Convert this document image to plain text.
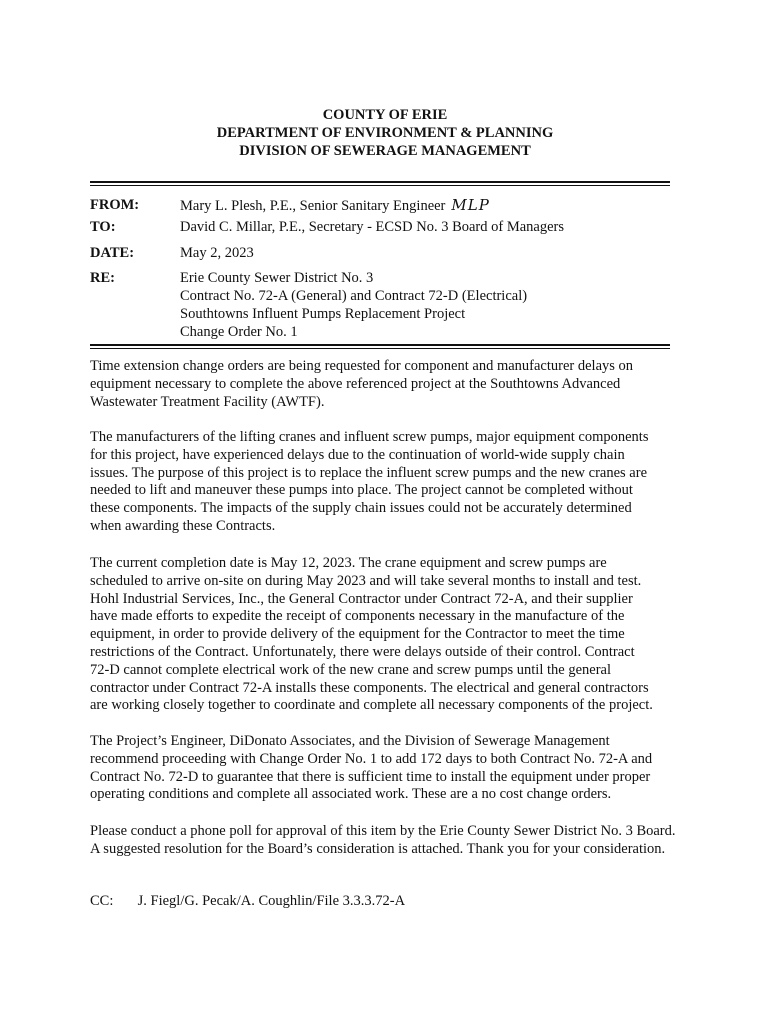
COUNTY OF ERIE
DEPARTMENT OF ENVIRONMENT & PLANNING
DIVISION OF SEWERAGE MANAGEMENT
FROM:	Mary L. Plesh, P.E., Senior Sanitary Engineer MLP
TO:	David C. Millar, P.E., Secretary - ECSD No. 3 Board of Managers
DATE:	May 2, 2023
RE:	Erie County Sewer District No. 3
Contract No. 72-A (General) and Contract 72-D (Electrical)
Southtowns Influent Pumps Replacement Project
Change Order No. 1
Time extension change orders are being requested for component and manufacturer delays on
equipment necessary to complete the above referenced project at the Southtowns Advanced
Wastewater Treatment Facility (AWTF).
The manufacturers of the lifting cranes and influent screw pumps, major equipment components
for this project, have experienced delays due to the continuation of world-wide supply chain
issues. The purpose of this project is to replace the influent screw pumps and the new cranes are
needed to lift and maneuver these pumps into place. The project cannot be completed without
these components. The impacts of the supply chain issues could not be accurately determined
when awarding these Contracts.
The current completion date is May 12, 2023. The crane equipment and screw pumps are
scheduled to arrive on-site on during May 2023 and will take several months to install and test.
Hohl Industrial Services, Inc., the General Contractor under Contract 72-A, and their supplier
have made efforts to expedite the receipt of components necessary in the manufacture of the
equipment, in order to provide delivery of the equipment for the Contractor to meet the time
restrictions of the Contract. Unfortunately, there were delays outside of their control. Contract
72-D cannot complete electrical work of the new crane and screw pumps until the general
contractor under Contract 72-A installs these components. The electrical and general contractors
are working closely together to coordinate and complete all necessary components of the project.
The Project’s Engineer, DiDonato Associates, and the Division of Sewerage Management
recommend proceeding with Change Order No. 1 to add 172 days to both Contract No. 72-A and
Contract No. 72-D to guarantee that there is sufficient time to install the equipment under proper
operating conditions and complete all associated work. These are a no cost change orders.
Please conduct a phone poll for approval of this item by the Erie County Sewer District No. 3 Board.
A suggested resolution for the Board’s consideration is attached. Thank you for your consideration.
CC: J. Fiegl/G. Pecak/A. Coughlin/File 3.3.3.72-A
